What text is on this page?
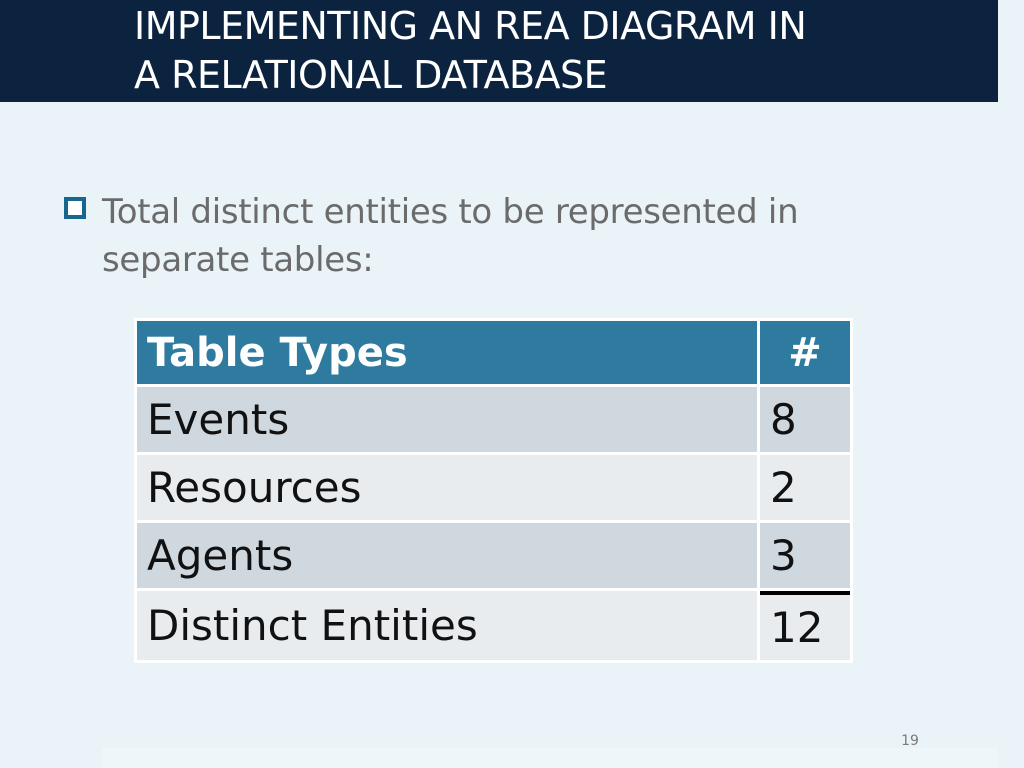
IMPLEMENTING AN REA DIAGRAM IN
A RELATIONAL DATABASE
Total distinct entities to be represented in separate tables:
Table Types	#
Events	8
Resources	2
Agents	3
Distinct Entities	12
19
